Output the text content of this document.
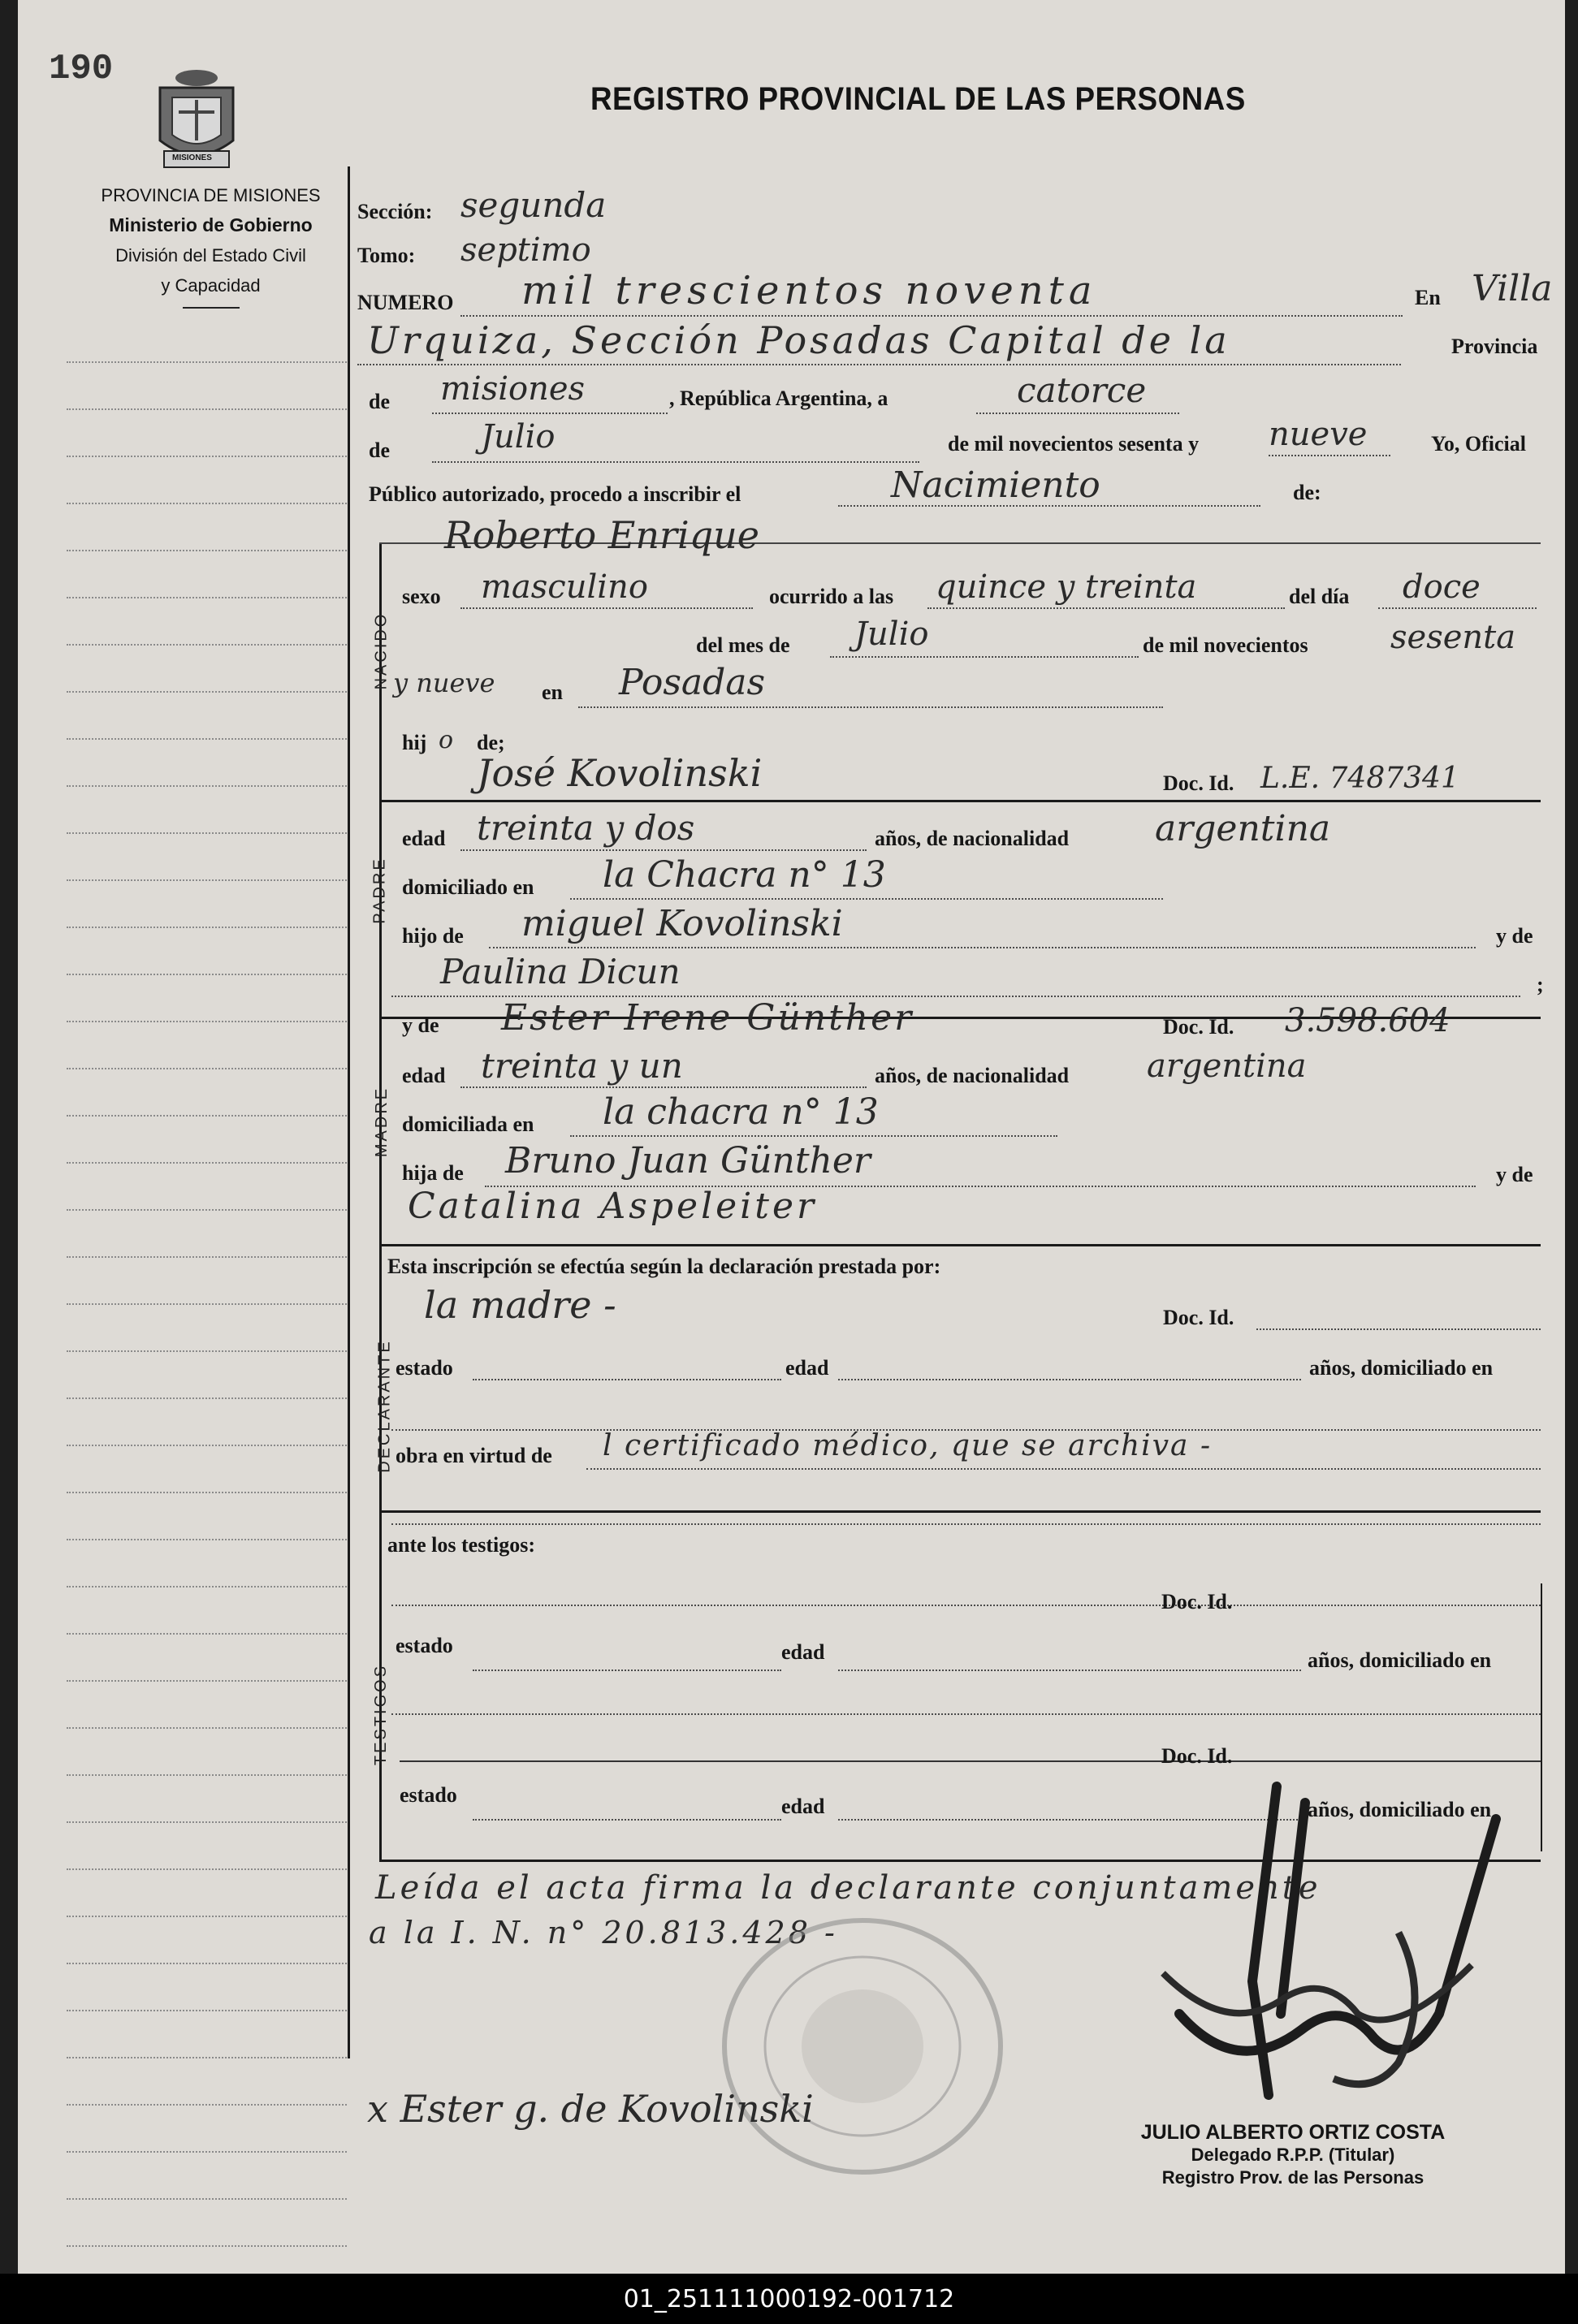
190
MISIONES
PROVINCIA DE MISIONES
Ministerio de Gobierno
División del Estado Civil
y Capacidad
REGISTRO PROVINCIAL DE LAS PERSONAS
NACIDO
PADRE
MADRE
DECLARANTE
TESTIGOS
Sección: segunda
Tomo: septimo
NUMERO mil trescientos noventa	En Villa
Urquiza, Sección Posadas Capital de la	Provincia
de misiones	, República Argentina, a	catorce
de	Julio	de mil novecientos sesenta y nueve	Yo, Oficial
Público autorizado, procedo a inscribir el	Nacimiento	de:
Roberto Enrique
sexo masculino	ocurrido a las quince y treinta	del día doce
del mes de Julio	de mil novecientos	sesenta
y nueve en Posadas
hij o de;
José Kovolinski	Doc. Id. L.E. 7487341
edad treinta y dos	años, de nacionalidad argentina
domiciliado en la Chacra n° 13
hijo de miguel Kovolinski	y de
Paulina Dicun	;
y de Ester Irene Günther	Doc. Id. 3.598.604
edad treinta y un	años, de nacionalidad argentina
domiciliada en la chacra n° 13
hija de Bruno Juan Günther	y de
Catalina Aspeleiter
Esta inscripción se efectúa según la declaración prestada por:
la madre -	Doc. Id.
estado	edad	años, domiciliado en
obra en virtud de l certificado médico, que se archiva -
ante los testigos:
Doc. Id.
estado	edad	años, domiciliado en
Doc. Id.
estado	edad	años, domiciliado en
Leída el acta firma la declarante conjuntamente
a la I. N. n° 20.813.428 -
x Ester g. de Kovolinski
JULIO ALBERTO ORTIZ COSTA
Delegado R.P.P. (Titular)
Registro Prov. de las Personas
01_251111000192-001712
